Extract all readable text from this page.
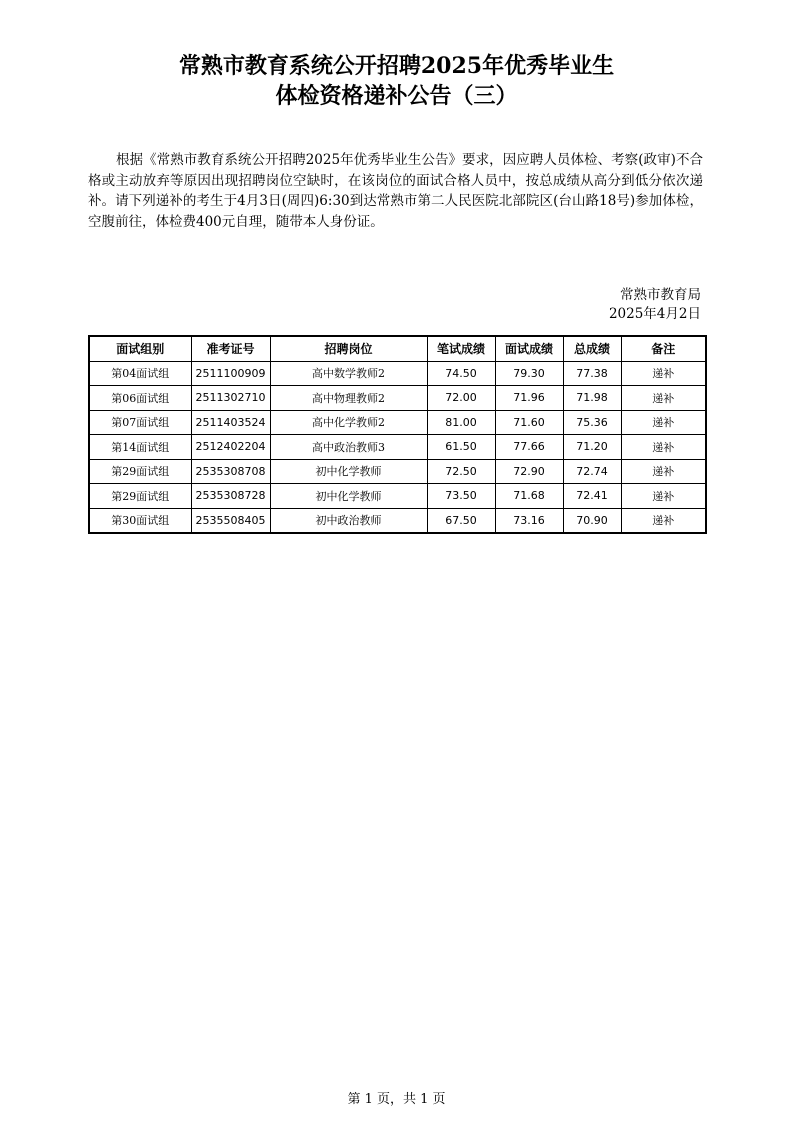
常熟市教育系统公开招聘2025年优秀毕业生
体检资格递补公告（三）

根据《常熟市教育系统公开招聘2025年优秀毕业生公告》要求，因应聘人员体检、考察(政审)不合格或主动放弃等原因出现招聘岗位空缺时，在该岗位的面试合格人员中，按总成绩从高分到低分依次递补。请下列递补的考生于4月3日(周四)6:30到达常熟市第二人民医院北部院区(台山路18号)参加体检，空腹前往，体检费400元自理，随带本人身份证。

常熟市教育局

2025年4月2日

面试组别	准考证号	招聘岗位	笔试成绩	面试成绩	总成绩	备注
第04面试组	2511100909	高中数学教师2	74.50	79.30	77.38	递补
第06面试组	2511302710	高中物理教师2	72.00	71.96	71.98	递补
第07面试组	2511403524	高中化学教师2	81.00	71.60	75.36	递补
第14面试组	2512402204	高中政治教师3	61.50	77.66	71.20	递补
第29面试组	2535308708	初中化学教师	72.50	72.90	72.74	递补
第29面试组	2535308728	初中化学教师	73.50	71.68	72.41	递补
第30面试组	2535508405	初中政治教师	67.50	73.16	70.90	递补
第 1 页，共 1 页
